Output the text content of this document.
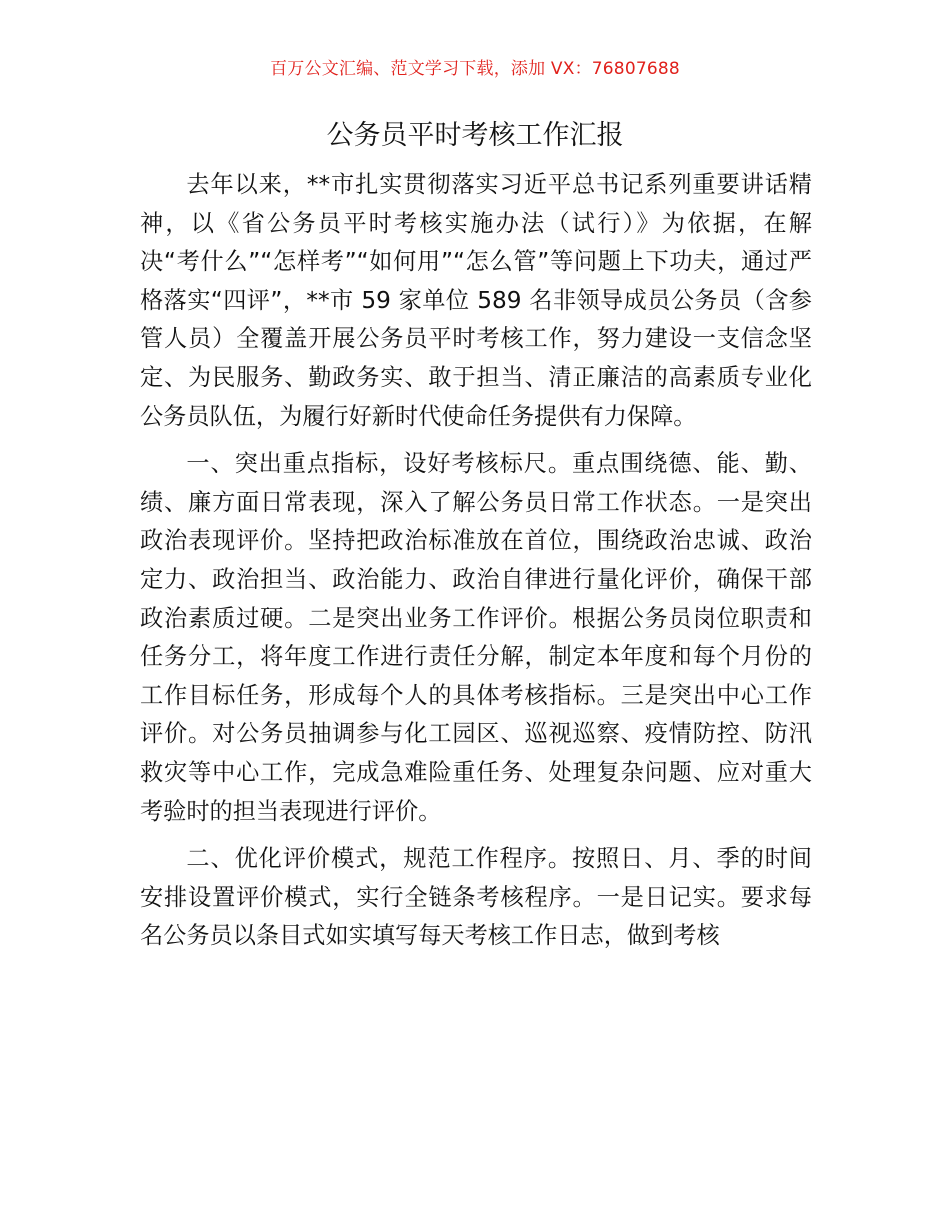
百万公文汇编、范文学习下载，添加 VX：76807688
公务员平时考核工作汇报

去年以来，**市扎实贯彻落实习近平总书记系列重要讲话精神，以《省公务员平时考核实施办法（试行）》为依据，在解决“考什么”“怎样考”“如何用”“怎么管”等问题上下功夫，通过严格落实“四评”，**市 59 家单位 589 名非领导成员公务员（含参管人员）全覆盖开展公务员平时考核工作，努力建设一支信念坚定、为民服务、勤政务实、敢于担当、清正廉洁的高素质专业化公务员队伍，为履行好新时代使命任务提供有力保障。

一、突出重点指标，设好考核标尺。重点围绕德、能、勤、绩、廉方面日常表现，深入了解公务员日常工作状态。一是突出政治表现评价。坚持把政治标准放在首位，围绕政治忠诚、政治定力、政治担当、政治能力、政治自律进行量化评价，确保干部政治素质过硬。二是突出业务工作评价。根据公务员岗位职责和任务分工，将年度工作进行责任分解，制定本年度和每个月份的工作目标任务，形成每个人的具体考核指标。三是突出中心工作评价。对公务员抽调参与化工园区、巡视巡察、疫情防控、防汛救灾等中心工作，完成急难险重任务、处理复杂问题、应对重大考验时的担当表现进行评价。

二、优化评价模式，规范工作程序。按照日、月、季的时间安排设置评价模式，实行全链条考核程序。一是日记实。要求每名公务员以条目式如实填写每天考核工作日志，做到考核
